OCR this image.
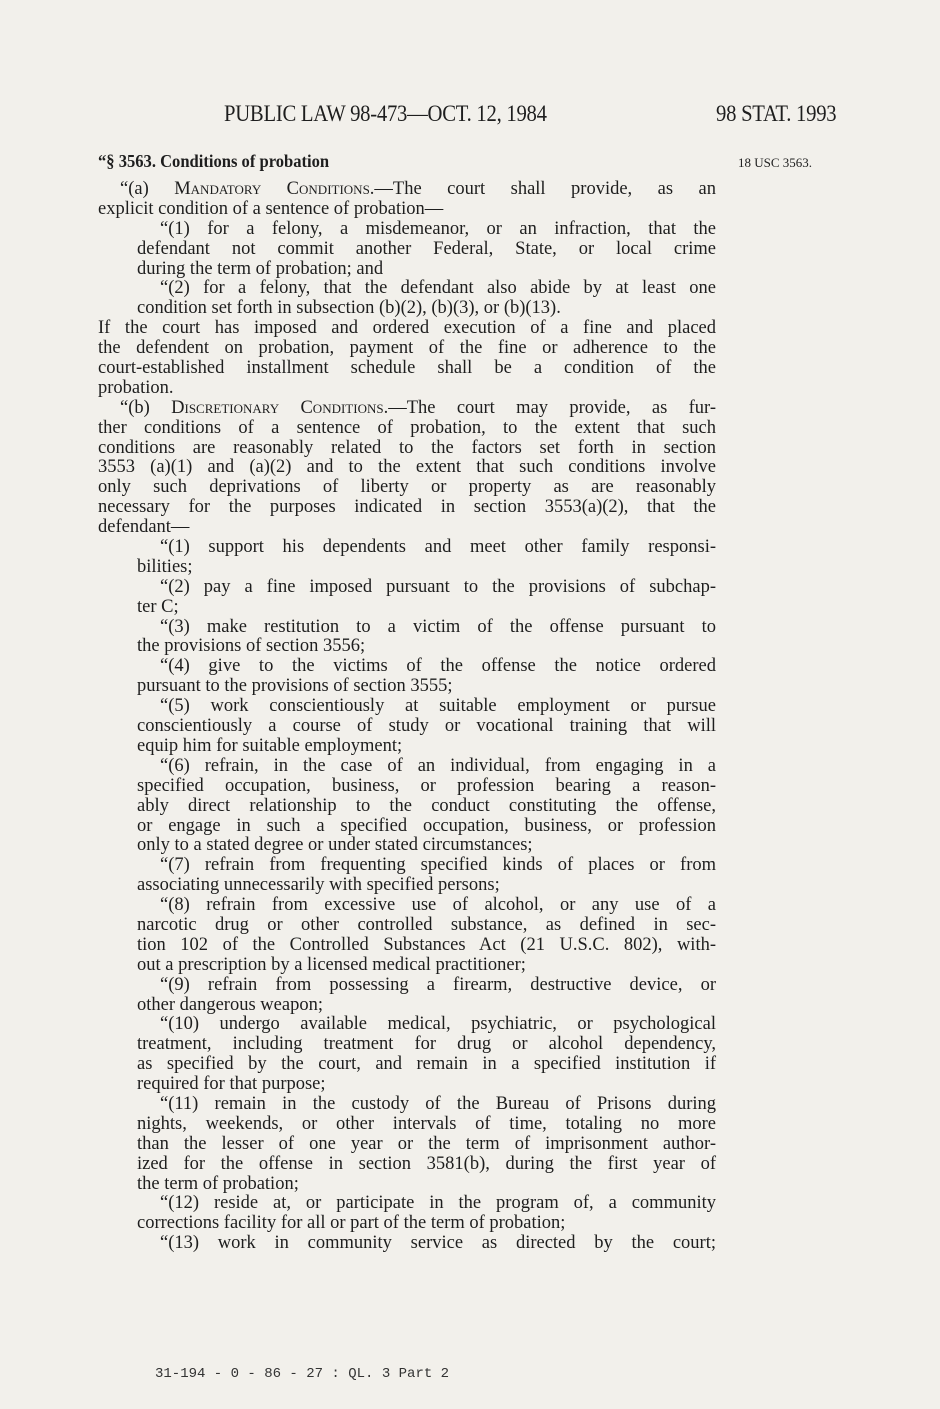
PUBLIC LAW 98-473—OCT. 12, 1984	98 STAT. 1993
“§ 3563. Conditions of probation	18 USC 3563.
“(a) Mandatory Conditions.—The court shall provide, as an
explicit condition of a sentence of probation—
“(1) for a felony, a misdemeanor, or an infraction, that the
defendant not commit another Federal, State, or local crime
during the term of probation; and
“(2) for a felony, that the defendant also abide by at least one
condition set forth in subsection (b)(2), (b)(3), or (b)(13).
If the court has imposed and ordered execution of a fine and placed
the defendent on probation, payment of the fine or adherence to the
court-established installment schedule shall be a condition of the
probation.
“(b) Discretionary Conditions.—The court may provide, as fur-
ther conditions of a sentence of probation, to the extent that such
conditions are reasonably related to the factors set forth in section
3553 (a)(1) and (a)(2) and to the extent that such conditions involve
only such deprivations of liberty or property as are reasonably
necessary for the purposes indicated in section 3553(a)(2), that the
defendant—
“(1) support his dependents and meet other family responsi-
bilities;
“(2) pay a fine imposed pursuant to the provisions of subchap-
ter C;
“(3) make restitution to a victim of the offense pursuant to
the provisions of section 3556;
“(4) give to the victims of the offense the notice ordered
pursuant to the provisions of section 3555;
“(5) work conscientiously at suitable employment or pursue
conscientiously a course of study or vocational training that will
equip him for suitable employment;
“(6) refrain, in the case of an individual, from engaging in a
specified occupation, business, or profession bearing a reason-
ably direct relationship to the conduct constituting the offense,
or engage in such a specified occupation, business, or profession
only to a stated degree or under stated circumstances;
“(7) refrain from frequenting specified kinds of places or from
associating unnecessarily with specified persons;
“(8) refrain from excessive use of alcohol, or any use of a
narcotic drug or other controlled substance, as defined in sec-
tion 102 of the Controlled Substances Act (21 U.S.C. 802), with-
out a prescription by a licensed medical practitioner;
“(9) refrain from possessing a firearm, destructive device, or
other dangerous weapon;
“(10) undergo available medical, psychiatric, or psychological
treatment, including treatment for drug or alcohol dependency,
as specified by the court, and remain in a specified institution if
required for that purpose;
“(11) remain in the custody of the Bureau of Prisons during
nights, weekends, or other intervals of time, totaling no more
than the lesser of one year or the term of imprisonment author-
ized for the offense in section 3581(b), during the first year of
the term of probation;
“(12) reside at, or participate in the program of, a community
corrections facility for all or part of the term of probation;
“(13) work in community service as directed by the court;
31-194 - 0 - 86 - 27 : QL. 3 Part 2
